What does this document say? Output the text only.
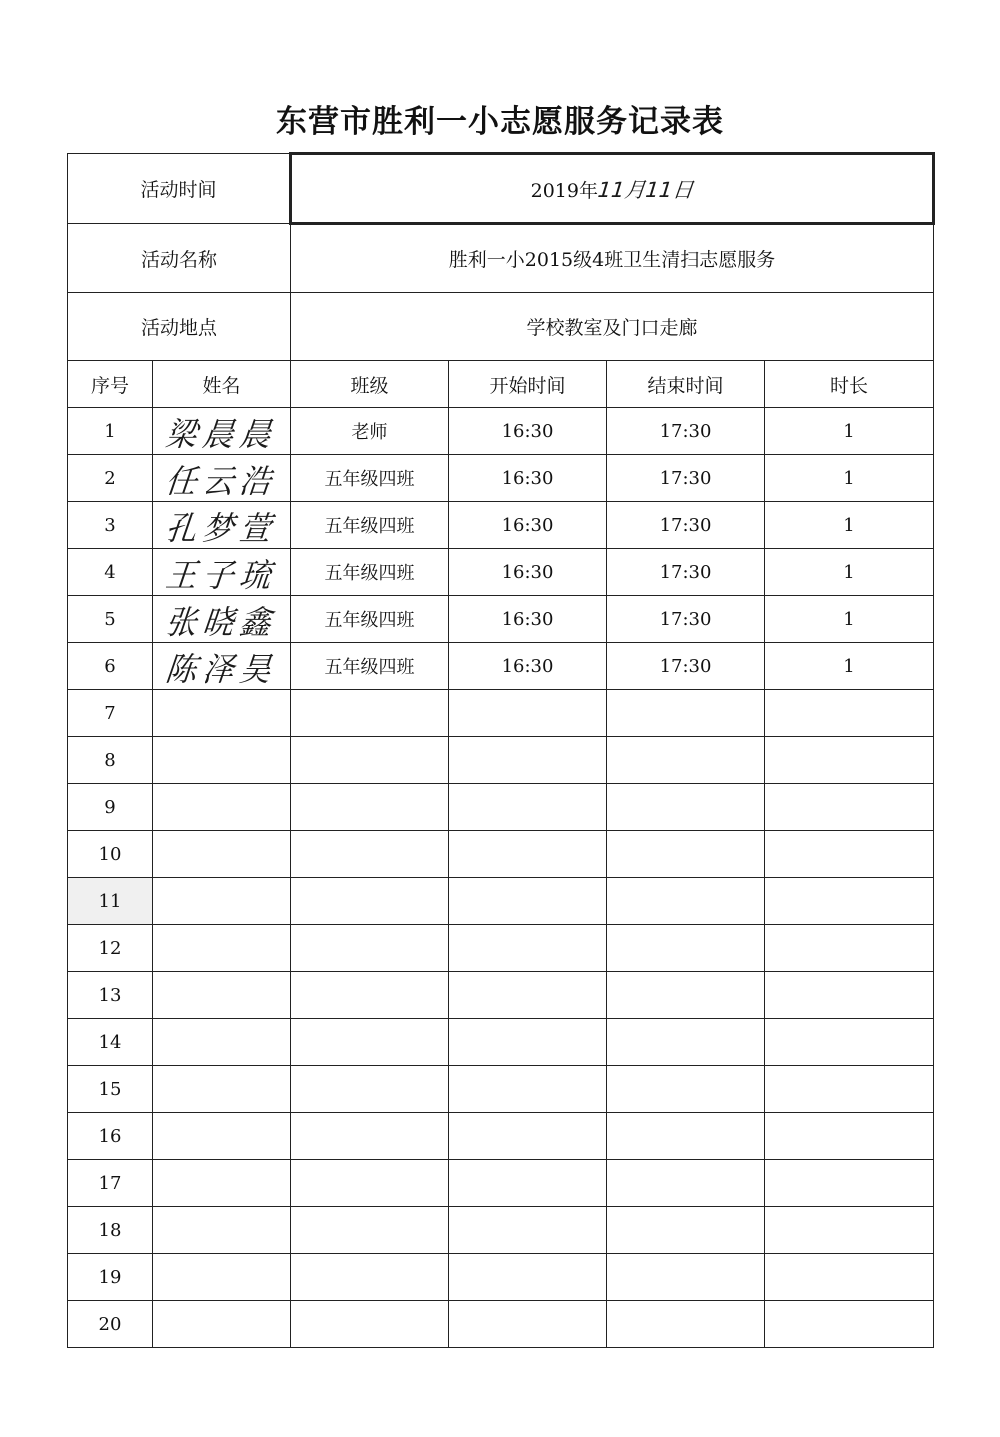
东营市胜利一小志愿服务记录表
活动时间		2019年11月11日			
活动名称		胜利一小2015级4班卫生清扫志愿服务			
活动地点		学校教室及门口走廊			
序号	姓名	班级	开始时间	结束时间	时长
1	梁晨晨	老师	16:30	17:30	1
2	任云浩	五年级四班	16:30	17:30	1
3	孔梦萱	五年级四班	16:30	17:30	1
4	王子琉	五年级四班	16:30	17:30	1
5	张晓鑫	五年级四班	16:30	17:30	1
6	陈泽昊	五年级四班	16:30	17:30	1
7					
8					
9					
10					
11					
12					
13					
14					
15					
16					
17					
18					
19					
20					
